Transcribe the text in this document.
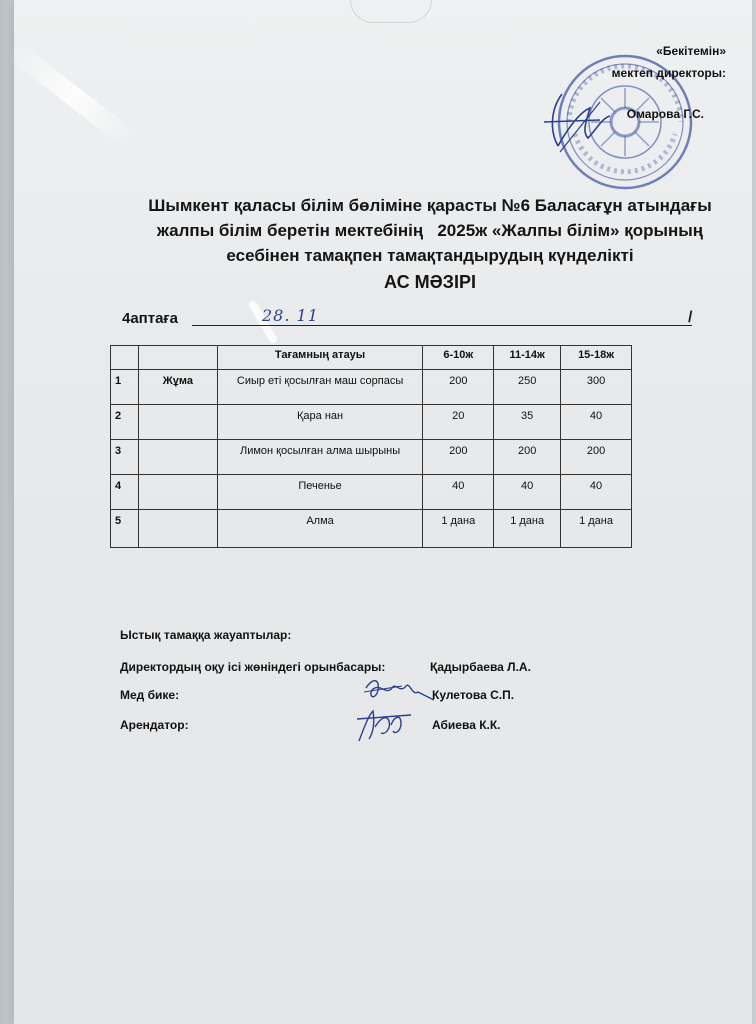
«Бекітемін»
мектеп директоры:
Омарова Г.С.
Шымкент қаласы білім бөліміне қарасты №6 Баласағұн атындағы
жалпы білім беретін мектебінің   2025ж «Жалпы білім» қорының
есебінен тамақпен тамақтандырудың күнделікті
АС МӘЗІРІ
4аптаға	28. 11	/
		Тағамның атауы	6-10ж	11-14ж	15-18ж
1	Жұма	Сиыр еті қосылған маш сорпасы	200	250	300
2		Қара нан	20	35	40
3		Лимон қосылған алма шырыны	200	200	200
4		Печенье	40	40	40
5		Алма	1 дана	1 дана	1 дана
Ыстық тамаққа жауаптылар:
Директордың оқу ісі жөніндегі орынбасары:	Қадырбаева Л.А.
Мед бике:	Кулетова С.П.
Арендатор:	Абиева К.К.
